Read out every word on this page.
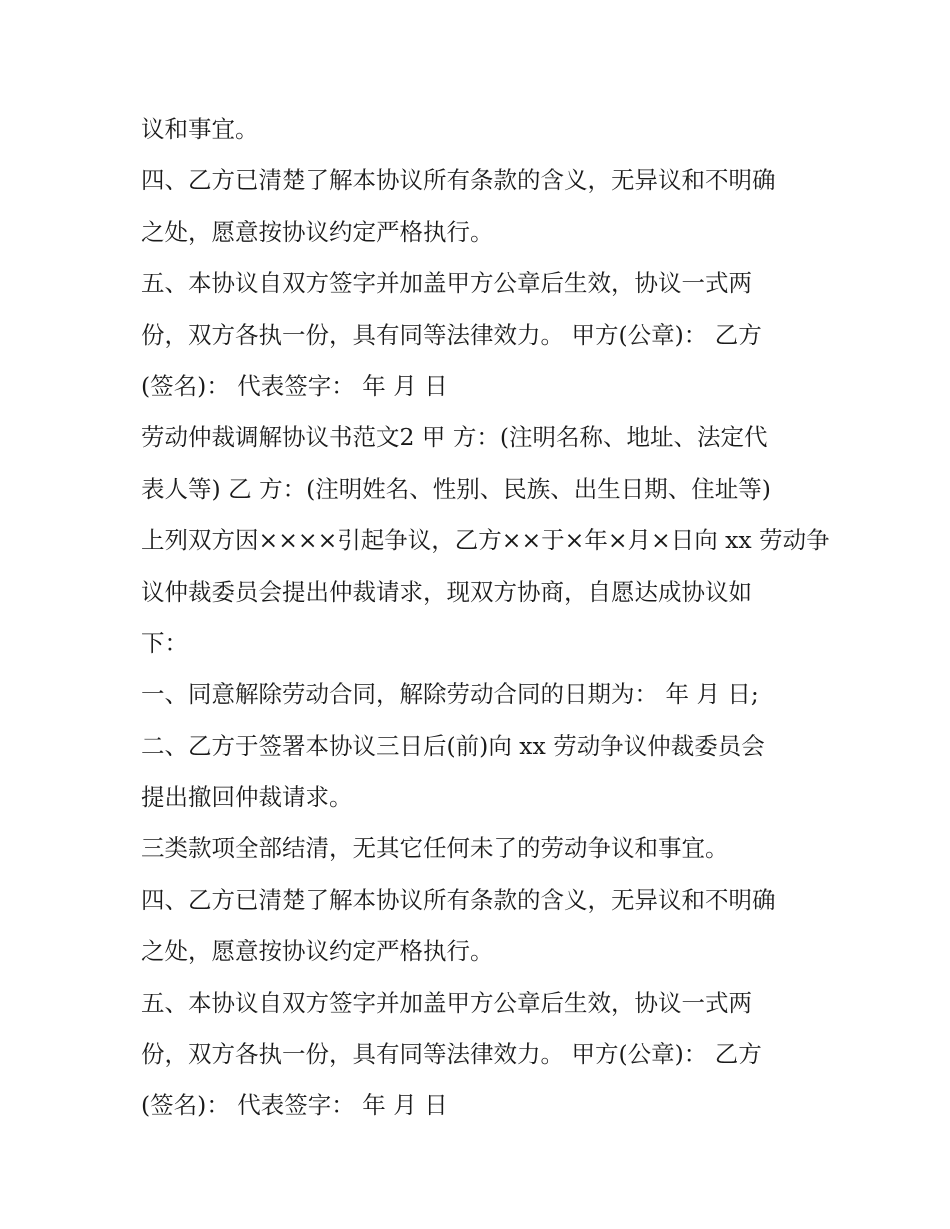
议和事宜。
四、乙方已清楚了解本协议所有条款的含义，无异议和不明确
之处，愿意按协议约定严格执行。
五、本协议自双方签字并加盖甲方公章后生效，协议一式两
份，双方各执一份，具有同等法律效力。 甲方(公章)： 乙方
(签名)： 代表签字： 年 月 日
劳动仲裁调解协议书范文2 甲 方：(注明名称、地址、法定代
表人等) 乙 方：(注明姓名、性别、民族、出生日期、住址等)
上列双方因××××引起争议，乙方××于×年×月×日向 xx 劳动争
议仲裁委员会提出仲裁请求，现双方协商，自愿达成协议如
下：
一、同意解除劳动合同，解除劳动合同的日期为： 年 月 日;
二、乙方于签署本协议三日后(前)向 xx 劳动争议仲裁委员会
提出撤回仲裁请求。
三类款项全部结清，无其它任何未了的劳动争议和事宜。
四、乙方已清楚了解本协议所有条款的含义，无异议和不明确
之处，愿意按协议约定严格执行。
五、本协议自双方签字并加盖甲方公章后生效，协议一式两
份，双方各执一份，具有同等法律效力。 甲方(公章)： 乙方
(签名)： 代表签字： 年 月 日
